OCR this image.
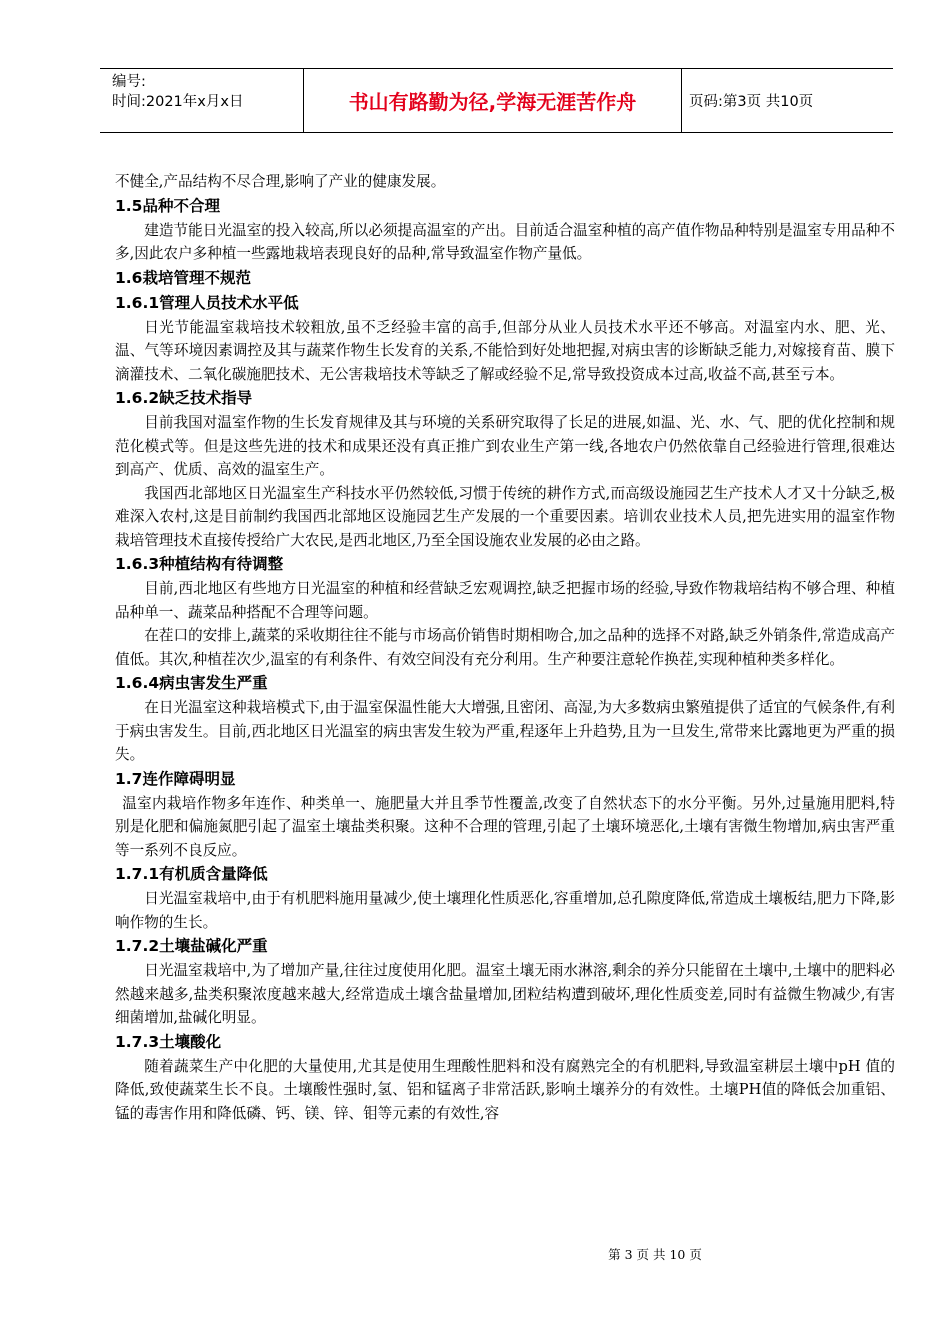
编号:
时间:2021年x月x日	书山有路勤为径,学海无涯苦作舟	页码:第3页 共10页

不健全,产品结构不尽合理,影响了产业的健康发展。

1.5品种不合理

建造节能日光温室的投入较高,所以必须提高温室的产出。目前适合温室种植的高产值作物品种特别是温室专用品种不多,因此农户多种植一些露地栽培表现良好的品种,常导致温室作物产量低。

1.6栽培管理不规范

1.6.1管理人员技术水平低

日光节能温室栽培技术较粗放,虽不乏经验丰富的高手,但部分从业人员技术水平还不够高。对温室内水、肥、光、温、气等环境因素调控及其与蔬菜作物生长发育的关系,不能恰到好处地把握,对病虫害的诊断缺乏能力,对嫁接育苗、膜下滴灌技术、二氧化碳施肥技术、无公害栽培技术等缺乏了解或经验不足,常导致投资成本过高,收益不高,甚至亏本。

1.6.2缺乏技术指导

目前我国对温室作物的生长发育规律及其与环境的关系研究取得了长足的进展,如温、光、水、气、肥的优化控制和规范化模式等。但是这些先进的技术和成果还没有真正推广到农业生产第一线,各地农户仍然依靠自己经验进行管理,很难达到高产、优质、高效的温室生产。

我国西北部地区日光温室生产科技水平仍然较低,习惯于传统的耕作方式,而高级设施园艺生产技术人才又十分缺乏,极难深入农村,这是目前制约我国西北部地区设施园艺生产发展的一个重要因素。培训农业技术人员,把先进实用的温室作物栽培管理技术直接传授给广大农民,是西北地区,乃至全国设施农业发展的必由之路。

1.6.3种植结构有待调整

目前,西北地区有些地方日光温室的种植和经营缺乏宏观调控,缺乏把握市场的经验,导致作物栽培结构不够合理、种植品种单一、蔬菜品种搭配不合理等问题。

在茬口的安排上,蔬菜的采收期往往不能与市场高价销售时期相吻合,加之品种的选择不对路,缺乏外销条件,常造成高产值低。其次,种植茬次少,温室的有利条件、有效空间没有充分利用。生产种要注意轮作换茬,实现种植种类多样化。

1.6.4病虫害发生严重

在日光温室这种栽培模式下,由于温室保温性能大大增强,且密闭、高湿,为大多数病虫繁殖提供了适宜的气候条件,有利于病虫害发生。目前,西北地区日光温室的病虫害发生较为严重,程逐年上升趋势,且为一旦发生,常带来比露地更为严重的损失。

1.7连作障碍明显

温室内栽培作物多年连作、种类单一、施肥量大并且季节性覆盖,改变了自然状态下的水分平衡。另外,过量施用肥料,特别是化肥和偏施氮肥引起了温室土壤盐类积聚。这种不合理的管理,引起了土壤环境恶化,土壤有害微生物增加,病虫害严重等一系列不良反应。

1.7.1有机质含量降低

日光温室栽培中,由于有机肥料施用量减少,使土壤理化性质恶化,容重增加,总孔隙度降低,常造成土壤板结,肥力下降,影响作物的生长。

1.7.2土壤盐碱化严重

日光温室栽培中,为了增加产量,往往过度使用化肥。温室土壤无雨水淋溶,剩余的养分只能留在土壤中,土壤中的肥料必然越来越多,盐类积聚浓度越来越大,经常造成土壤含盐量增加,团粒结构遭到破坏,理化性质变差,同时有益微生物减少,有害细菌增加,盐碱化明显。

1.7.3土壤酸化

随着蔬菜生产中化肥的大量使用,尤其是使用生理酸性肥料和没有腐熟完全的有机肥料,导致温室耕层土壤中pH 值的降低,致使蔬菜生长不良。土壤酸性强时,氢、铝和锰离子非常活跃,影响土壤养分的有效性。土壤PH值的降低会加重铝、锰的毒害作用和降低磷、钙、镁、锌、钼等元素的有效性,容

第 3 页 共 10 页
